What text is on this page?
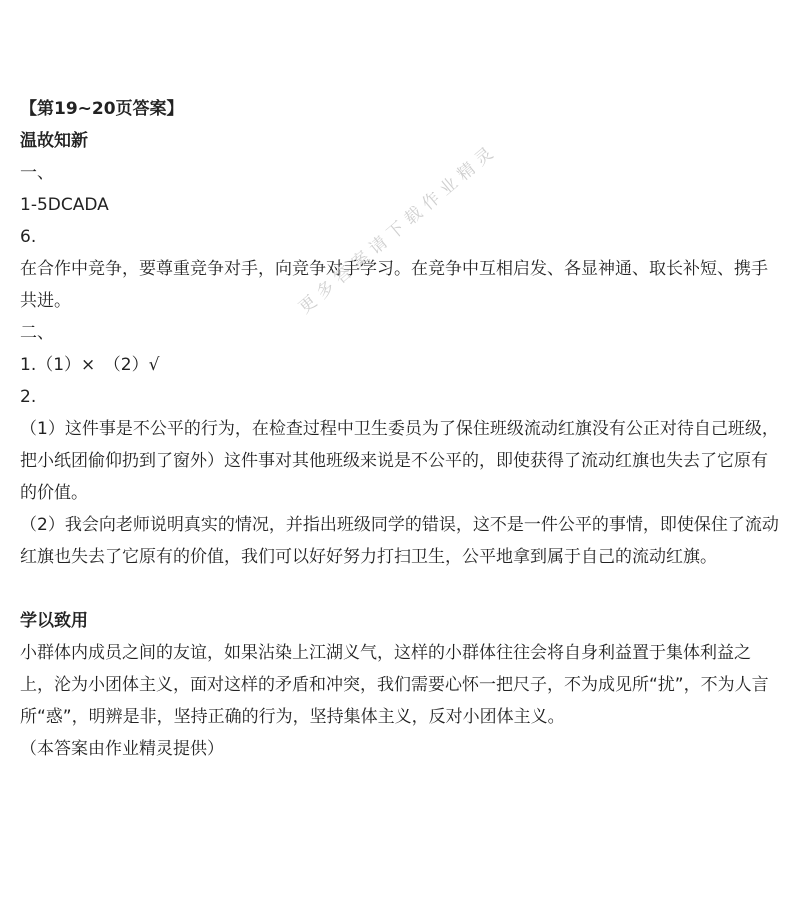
【第19~20页答案】
温故知新
一、
1-5DCADA
6.
在合作中竞争，要尊重竞争对手，向竞争对手学习。在竞争中互相启发、各显神通、取长补短、携手共进。
二、
1.（1）×　（2）√
2.
（1）这件事是不公平的行为，在检查过程中卫生委员为了保住班级流动红旗没有公正对待自己班级，把小纸团偷仰扔到了窗外）这件事对其他班级来说是不公平的，即使获得了流动红旗也失去了它原有的价值。
（2）我会向老师说明真实的情况，并指出班级同学的错误，这不是一件公平的事情，即使保住了流动红旗也失去了它原有的价值，我们可以好好努力打扫卫生，公平地拿到属于自己的流动红旗。
学以致用
小群体内成员之间的友谊，如果沾染上江湖义气，这样的小群体往往会将自身利益置于集体利益之上，沦为小团体主义，面对这样的矛盾和冲突，我们需要心怀一把尺子，不为成见所“扰”，不为人言所“惑”，明辨是非，坚持正确的行为，坚持集体主义，反对小团体主义。
（本答案由作业精灵提供）
更多答案请下载作业精灵
